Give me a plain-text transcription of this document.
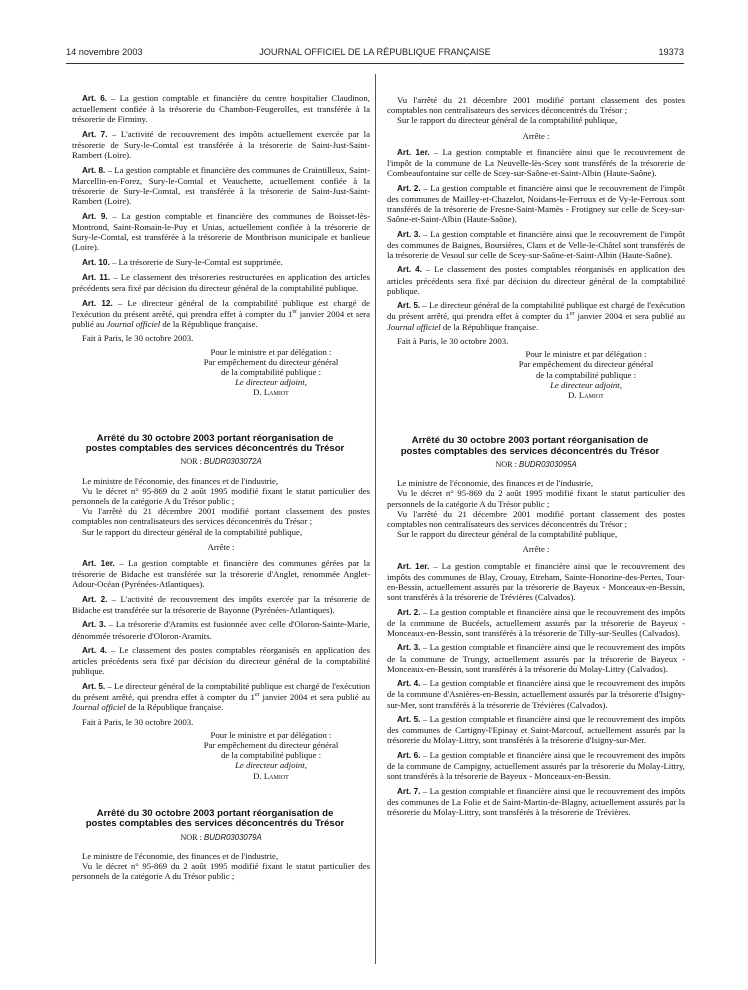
14 novembre 2003	JOURNAL OFFICIEL DE LA RÉPUBLIQUE FRANÇAISE	19373

Art. 6. – La gestion comptable et financière du centre hospitalier Claudinon, actuellement confiée à la trésorerie du Chambon-Feugerolles, est transférée à la trésorerie de Firminy.

Art. 7. – L'activité de recouvrement des impôts actuellement exercée par la trésorerie de Sury-le-Comtal est transférée à la trésorerie de Saint-Just-Saint-Rambert (Loire).

Art. 8. – La gestion comptable et financière des communes de Craintilleux, Saint-Marcellin-en-Forez, Sury-le-Comtal et Veauchette, actuellement confiée à la trésorerie de Sury-le-Comtal, est transférée à la trésorerie de Saint-Just-Saint-Rambert (Loire).

Art. 9. – La gestion comptable et financière des communes de Boisset-lès-Montrond, Saint-Romain-le-Puy et Unias, actuellement confiée à la trésorerie de Sury-le-Comtal, est transférée à la trésorerie de Montbrison municipale et banlieue (Loire).

Art. 10. – La trésorerie de Sury-le-Comtal est supprimée.

Art. 11. – Le classement des trésoreries restructurées en application des articles précédents sera fixé par décision du directeur général de la comptabilité publique.

Art. 12. – Le directeur général de la comptabilité publique est chargé de l'exécution du présent arrêté, qui prendra effet à compter du 1er janvier 2004 et sera publié au Journal officiel de la République française.

Fait à Paris, le 30 octobre 2003.

Pour le ministre et par délégation :
Par empêchement du directeur général
de la comptabilité publique :
Le directeur adjoint,
D. Lamiot
Arrêté du 30 octobre 2003 portant réorganisation de postes comptables des services déconcentrés du Trésor
NOR : BUDR0303072A

Le ministre de l'économie, des finances et de l'industrie,

Vu le décret n° 95-869 du 2 août 1995 modifié fixant le statut particulier des personnels de la catégorie A du Trésor public ;

Vu l'arrêté du 21 décembre 2001 modifié portant classement des postes comptables non centralisateurs des services déconcentrés du Trésor ;

Sur le rapport du directeur général de la comptabilité publique,

Arrête :

Art. 1er. – La gestion comptable et financière des communes gérées par la trésorerie de Bidache est transférée sur la trésorerie d'Anglet, renommée Anglet-Adour-Océan (Pyrénées-Atlantiques).

Art. 2. – L'activité de recouvrement des impôts exercée par la trésorerie de Bidache est transférée sur la trésorerie de Bayonne (Pyrénées-Atlantiques).

Art. 3. – La trésorerie d'Aramits est fusionnée avec celle d'Oloron-Sainte-Marie, dénommée trésorerie d'Oloron-Aramits.

Art. 4. – Le classement des postes comptables réorganisés en application des articles précédents sera fixé par décision du directeur général de la comptabilité publique.

Art. 5. – Le directeur général de la comptabilité publique est chargé de l'exécution du présent arrêté, qui prendra effet à compter du 1er janvier 2004 et sera publié au Journal officiel de la République française.

Fait à Paris, le 30 octobre 2003.

Pour le ministre et par délégation :
Par empêchement du directeur général
de la comptabilité publique :
Le directeur adjoint,
D. Lamiot
Arrêté du 30 octobre 2003 portant réorganisation de postes comptables des services déconcentrés du Trésor
NOR : BUDR0303079A

Le ministre de l'économie, des finances et de l'industrie,

Vu le décret n° 95-869 du 2 août 1995 modifié fixant le statut particulier des personnels de la catégorie A du Trésor public ;

Vu l'arrêté du 21 décembre 2001 modifié portant classement des postes comptables non centralisateurs des services déconcentrés du Trésor ;

Sur le rapport du directeur général de la comptabilité publique,

Arrête :

Art. 1er. – La gestion comptable et financière ainsi que le recouvrement de l'impôt de la commune de La Neuvelle-lès-Scey sont transférés de la trésorerie de Combeaufontaine sur celle de Scey-sur-Saône-et-Saint-Albin (Haute-Saône).

Art. 2. – La gestion comptable et financière ainsi que le recouvrement de l'impôt des communes de Mailley-et-Chazelot, Noidans-le-Ferroux et de Vy-le-Ferroux sont transférés de la trésorerie de Fresne-Saint-Mamès - Frotigney sur celle de Scey-sur-Saône-et-Saint-Albin (Haute-Saône).

Art. 3. – La gestion comptable et financière ainsi que le recouvrement de l'impôt des communes de Baignes, Boursières, Clans et de Velle-le-Châtel sont transférés de la trésorerie de Vesoul sur celle de Scey-sur-Saône-et-Saint-Albin (Haute-Saône).

Art. 4. – Le classement des postes comptables réorganisés en application des articles précédents sera fixé par décision du directeur général de la comptabilité publique.

Art. 5. – Le directeur général de la comptabilité publique est chargé de l'exécution du présent arrêté, qui prendra effet à compter du 1er janvier 2004 et sera publié au Journal officiel de la République française.

Fait à Paris, le 30 octobre 2003.

Pour le ministre et par délégation :
Par empêchement du directeur général
de la comptabilité publique :
Le directeur adjoint,
D. Lamiot
Arrêté du 30 octobre 2003 portant réorganisation de postes comptables des services déconcentrés du Trésor
NOR : BUDR0303095A

Le ministre de l'économie, des finances et de l'industrie,

Vu le décret n° 95-869 du 2 août 1995 modifié fixant le statut particulier des personnels de la catégorie A du Trésor public ;

Vu l'arrêté du 21 décembre 2001 modifié portant classement des postes comptables non centralisateurs des services déconcentrés du Trésor ;

Sur le rapport du directeur général de la comptabilité publique,

Arrête :

Art. 1er. – La gestion comptable et financière ainsi que le recouvrement des impôts des communes de Blay, Crouay, Etreham, Sainte-Honorine-des-Pertes, Tour-en-Bessin, actuellement assurés par la trésorerie de Bayeux - Monceaux-en-Bessin, sont transférés à la trésorerie de Trévières (Calvados).

Art. 2. – La gestion comptable et financière ainsi que le recouvrement des impôts de la commune de Bucéels, actuellement assurés par la trésorerie de Bayeux - Monceaux-en-Bessin, sont transférés à la trésorerie de Tilly-sur-Seulles (Calvados).

Art. 3. – La gestion comptable et financière ainsi que le recouvrement des impôts de la commune de Trungy, actuellement assurés par la trésorerie de Bayeux - Monceaux-en-Bessin, sont transférés à la trésorerie du Molay-Littry (Calvados).

Art. 4. – La gestion comptable et financière ainsi que le recouvrement des impôts de la commune d'Asnières-en-Bessin, actuellement assurés par la trésorerie d'Isigny-sur-Mer, sont transférés à la trésorerie de Trévières (Calvados).

Art. 5. – La gestion comptable et financière ainsi que le recouvrement des impôts des communes de Cartigny-l'Epinay et Saint-Marcouf, actuellement assurés par la trésorerie du Molay-Littry, sont transférés à la trésorerie d'Isigny-sur-Mer.

Art. 6. – La gestion comptable et financière ainsi que le recouvrement des impôts de la commune de Campigny, actuellement assurés par la trésorerie du Molay-Littry, sont transférés à la trésorerie de Bayeux - Monceaux-en-Bessin.

Art. 7. – La gestion comptable et financière ainsi que le recouvrement des impôts des communes de La Folie et de Saint-Martin-de-Blagny, actuellement assurés par la trésorerie du Molay-Littry, sont transférés à la trésorerie de Trévières.
